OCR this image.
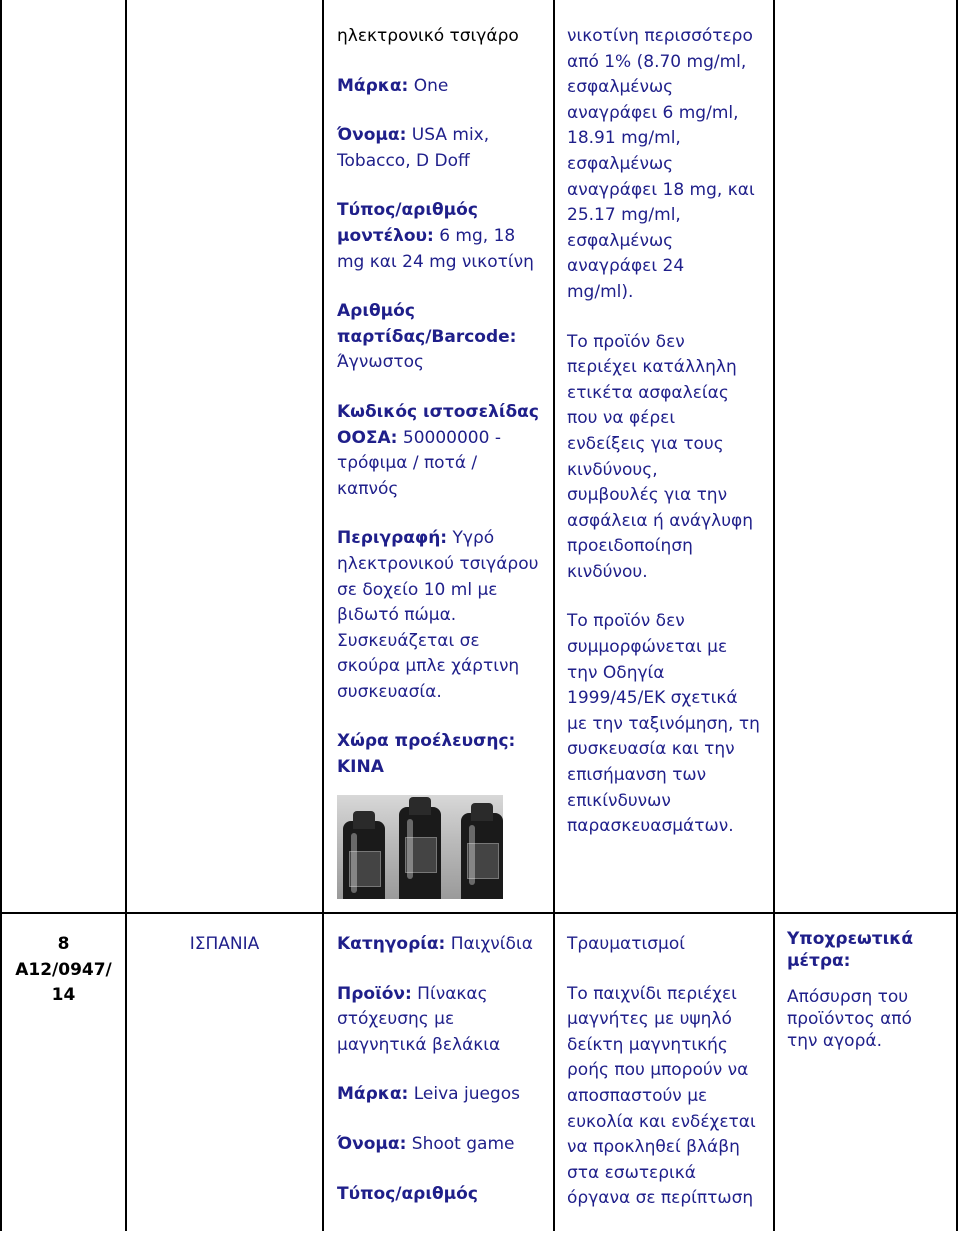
ηλεκτρονικό τσιγάρο

Μάρκα: One

Όνομα: USA mix,
Tobacco, D Doff

Τύπος/αριθμός
μοντέλου: 6 mg, 18
mg και 24 mg νικοτίνη

Αριθμός
παρτίδας/Barcode:
Άγνωστος

Κωδικός ιστοσελίδας
ΟΟΣΑ: 50000000 -
τρόφιμα / ποτά /
καπνός

Περιγραφή: Υγρό
ηλεκτρονικού τσιγάρου
σε δοχείο 10 ml με
βιδωτό πώμα.
Συσκευάζεται σε
σκούρα μπλε χάρτινη
συσκευασία.

Χώρα προέλευσης:
ΚΙΝΑ

νικοτίνη περισσότερο
από 1% (8.70 mg/ml,
εσφαλμένως
αναγράφει 6 mg/ml,
18.91 mg/ml,
εσφαλμένως
αναγράφει 18 mg, και
25.17 mg/ml,
εσφαλμένως
αναγράφει 24
mg/ml).

Το προϊόν δεν
περιέχει κατάλληλη
ετικέτα ασφαλείας
που να φέρει
ενδείξεις για τους
κινδύνους,
συμβουλές για την
ασφάλεια ή ανάγλυφη
προειδοποίηση
κινδύνου.

Το προϊόν δεν
συμμορφώνεται με
την Οδηγία
1999/45/ΕΚ σχετικά
με την ταξινόμηση, τη
συσκευασία και την
επισήμανση των
επικίνδυνων
παρασκευασμάτων.

8
A12/0947/
14
ΙΣΠΑΝΙΑ	Κατηγορία: Παιχνίδια

Προϊόν: Πίνακας
στόχευσης με
μαγνητικά βελάκια

Μάρκα: Leiva juegos

Όνομα: Shoot game

Τύπος/αριθμός

Τραυματισμοί

Το παιχνίδι περιέχει
μαγνήτες με υψηλό
δείκτη μαγνητικής
ροής που μπορούν να
αποσπαστούν με
ευκολία και ενδέχεται
να προκληθεί βλάβη
στα εσωτερικά
όργανα σε περίπτωση

Υποχρεωτικά
μέτρα:

Απόσυρση του
προϊόντος από
την αγορά.
